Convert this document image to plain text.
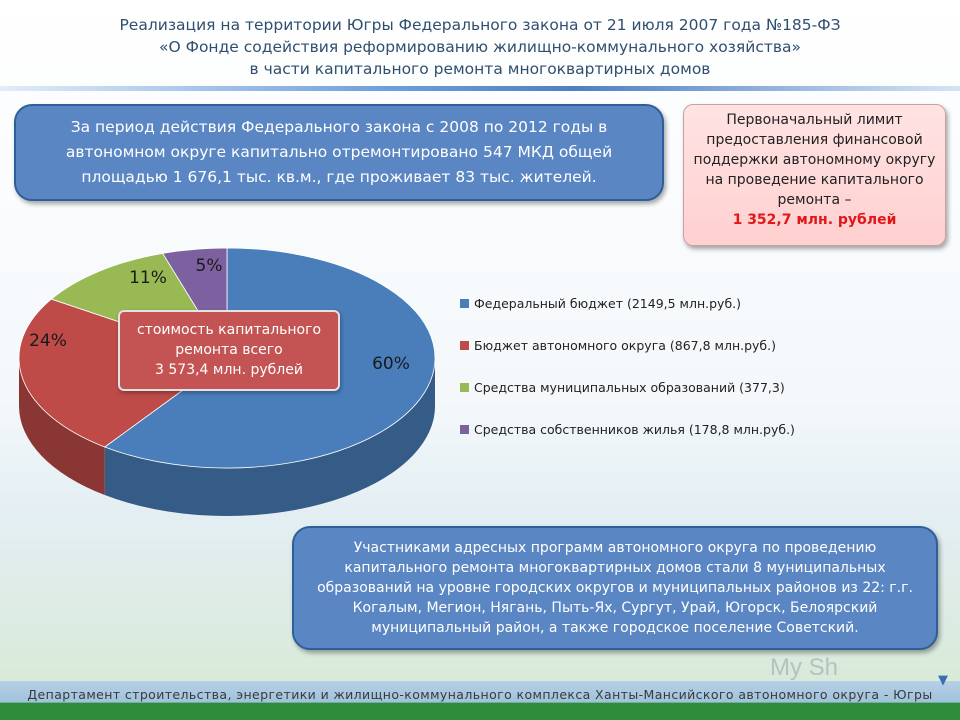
Реализация на территории Югры Федерального закона от 21 июля 2007 года №185-ФЗ
«О Фонде содействия реформированию жилищно-коммунального хозяйства»
в части капитального ремонта многоквартирных домов
За период действия Федерального закона с 2008 по 2012 годы в автономном округе капитально отремонтировано 547 МКД общей площадью 1 676,1 тыс. кв.м., где проживает 83 тыс. жителей.
Первоначальный лимит предоставления финансовой поддержки автономному округу на проведение капитального ремонта –
1 352,7 млн. рублей
60%
24%
11%
5%
стоимость капитального
ремонта всего
3 573,4 млн. рублей
Федеральный бюджет (2149,5 млн.руб.)
Бюджет автономного округа (867,8 млн.руб.)
Средства муниципальных образований (377,3)
Средства собственников жилья (178,8 млн.руб.)
Участниками адресных программ автономного округа по проведению капитального ремонта многоквартирных домов стали 8 муниципальных образований на уровне городских округов и муниципальных районов из 22: г.г. Когалым, Мегион, Нягань, Пыть-Ях, Сургут, Урай, Югорск, Белоярский муниципальный район, а также городское поселение Советский.
My Sh
Департамент строительства, энергетики и жилищно-коммунального комплекса Ханты-Мансийского автономного округа - Югры
▼
